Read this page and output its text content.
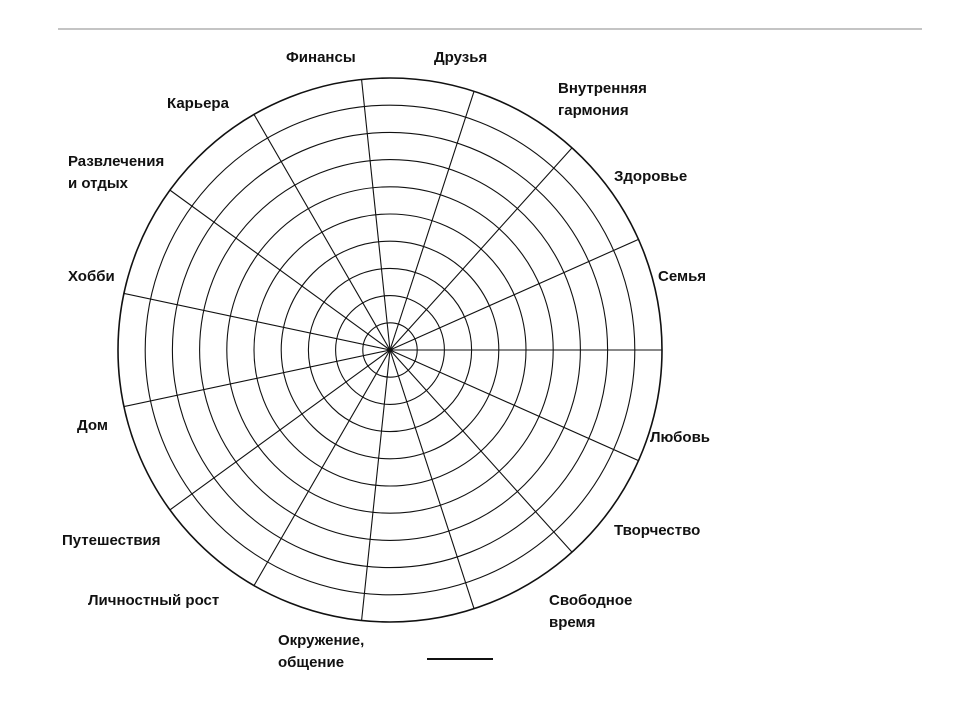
Финансы	Друзья
Внутренняя
гармония
Карьера
Развлечения
и отдых	Здоровье
Хобби	Семья
Дом
Любовь
Творчество
Путешествия
Свободное
время
Личностный рост
Окружение,
общение
